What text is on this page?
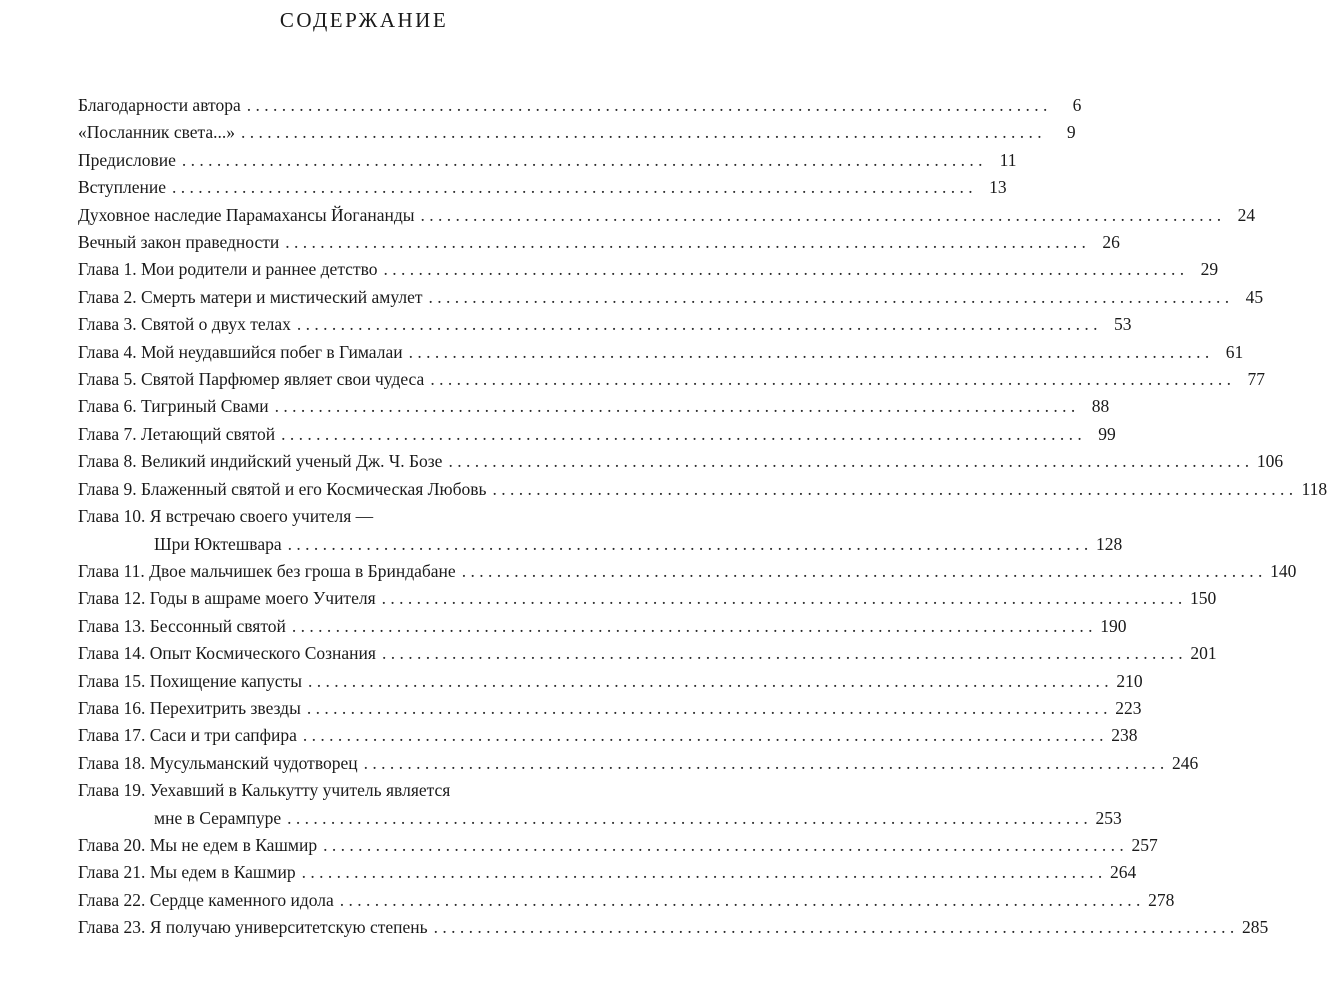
СОДЕРЖАНИЕ
Благодарности автора . . .	6
«Посланник света...» . . .	9
Предисловие . . .	11
Вступление . . .	13
Духовное наследие Парамахансы Йогананды . . .	24
Вечный закон праведности . . .	26
Глава 1. Мои родители и раннее детство . . .	29
Глава 2. Смерть матери и мистический амулет . . .	45
Глава 3. Святой о двух телах . . .	53
Глава 4. Мой неудавшийся побег в Гималаи . . .	61
Глава 5. Святой Парфюмер являет свои чудеса . . .	77
Глава 6. Тигриный Свами . . .	88
Глава 7. Летающий святой . . .	99
Глава 8. Великий индийский ученый Дж. Ч. Бозе . . .	106
Глава 9. Блаженный святой и его Космическая Любовь . . .	118
Глава 10. Я встречаю своего учителя —
Шри Юктешвара . . .	128
Глава 11. Двое мальчишек без гроша в Бриндабане . . .	140
Глава 12. Годы в ашраме моего Учителя . . .	150
Глава 13. Бессонный святой . . .	190
Глава 14. Опыт Космического Сознания . . .	201
Глава 15. Похищение капусты . . .	210
Глава 16. Перехитрить звезды . . .	223
Глава 17. Саси и три сапфира . . .	238
Глава 18. Мусульманский чудотворец . . .	246
Глава 19. Уехавший в Калькутту учитель является
мне в Серампуре . . .	253
Глава 20. Мы не едем в Кашмир . . .	257
Глава 21. Мы едем в Кашмир . . .	264
Глава 22. Сердце каменного идола . . .	278
Глава 23. Я получаю университетскую степень . . .	285
